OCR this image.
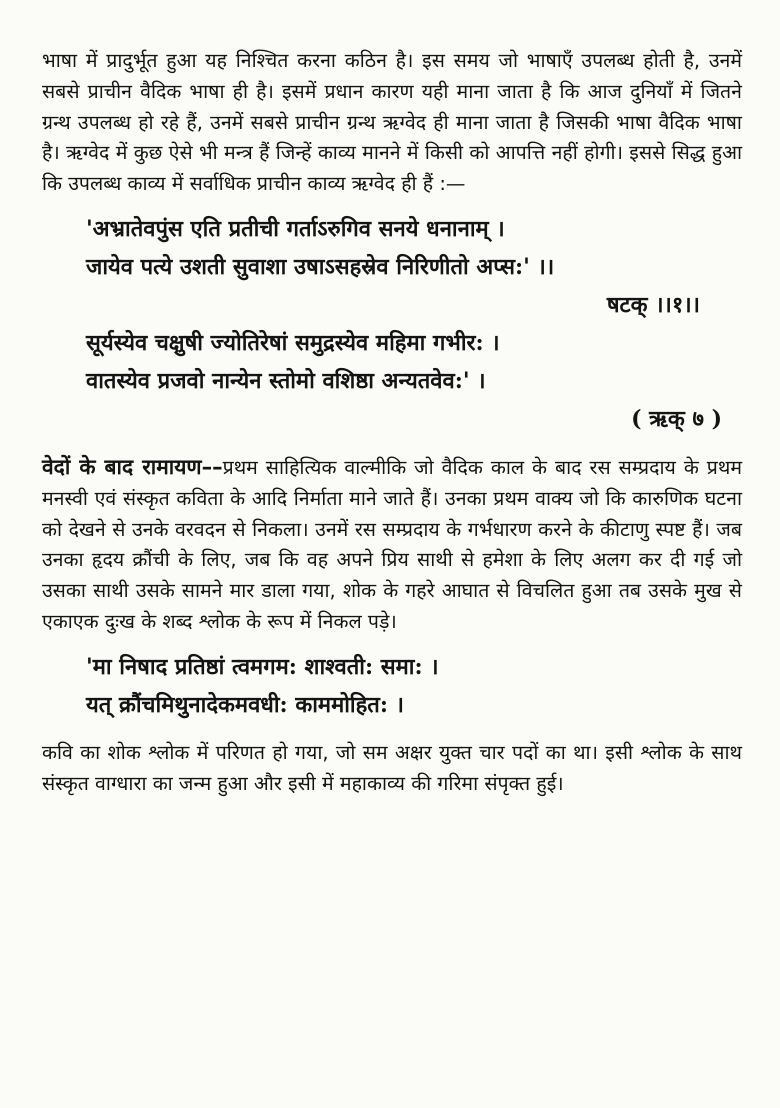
भाषा में प्रादुर्भूत हुआ यह निश्चित करना कठिन है। इस समय जो भाषाएँ उपलब्ध होती है, उनमें सबसे प्राचीन वैदिक भाषा ही है। इसमें प्रधान कारण यही माना जाता है कि आज दुनियाँ में जितने ग्रन्थ उपलब्ध हो रहे हैं, उनमें सबसे प्राचीन ग्रन्थ ऋग्वेद ही माना जाता है जिसकी भाषा वैदिक भाषा है। ऋग्वेद में कुछ ऐसे भी मन्त्र हैं जिन्हें काव्य मानने में किसी को आपत्ति नहीं होगी। इससे सिद्ध हुआ कि उपलब्ध काव्य में सर्वाधिक प्राचीन काव्य ऋग्वेद ही हैं :—

'अभ्रातेवपुंस एति प्रतीची गर्ताऽरुगिव सनये धनानाम् ।
जायेव पत्ये उशती सुवाशा उषाऽसहस्रेव निरिणीतो अप्स:' ।।
षटक् ।।१।।
सूर्यस्येव चक्षुषी ज्योतिरेषां समुद्रस्येव महिमा गभीर: ।
वातस्येव प्रजवो नान्येन स्तोमो वशिष्ठा अन्यतवेव:' ।
( ऋक् ७ )

वेदों के बाद रामायण––प्रथम साहित्यिक वाल्मीकि जो वैदिक काल के बाद रस सम्प्रदाय के प्रथम मनस्वी एवं संस्कृत कविता के आदि निर्माता माने जाते हैं। उनका प्रथम वाक्य जो कि कारुणिक घटना को देखने से उनके वरवदन से निकला। उनमें रस सम्प्रदाय के गर्भधारण करने के कीटाणु स्पष्ट हैं। जब उनका हृदय क्रौंची के लिए, जब कि वह अपने प्रिय साथी से हमेशा के लिए अलग कर दी गई जो उसका साथी उसके सामने मार डाला गया, शोक के गहरे आघात से विचलित हुआ तब उसके मुख से एकाएक दुःख के शब्द श्लोक के रूप में निकल पड़े।

'मा निषाद प्रतिष्ठां त्वमगम: शाश्वती: समा: ।
यत् क्रौंचमिथुनादेकमवधी: काममोहित: ।

कवि का शोक श्लोक में परिणत हो गया, जो सम अक्षर युक्त चार पदों का था। इसी श्लोक के साथ संस्कृत वाग्धारा का जन्म हुआ और इसी में महाकाव्य की गरिमा संपृक्त हुई।
